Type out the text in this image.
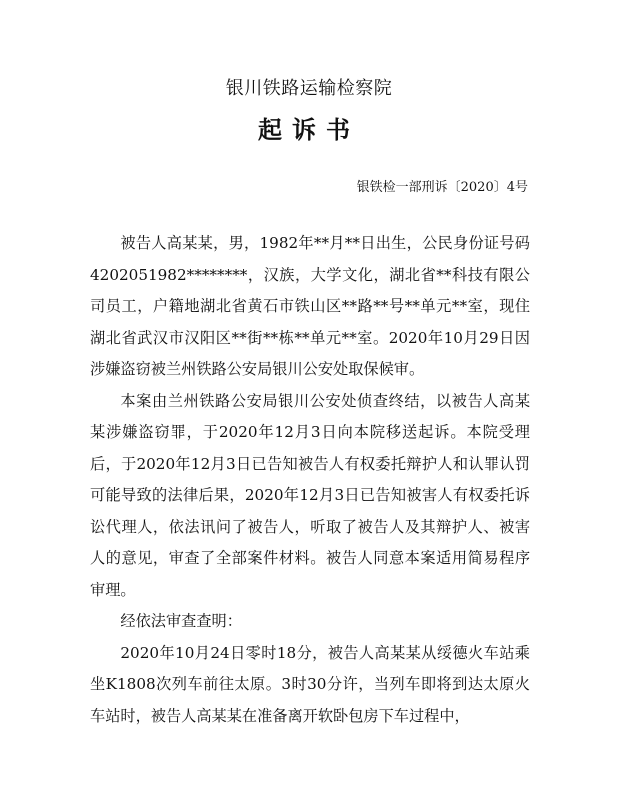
银川铁路运输检察院
起诉书
银铁检一部刑诉〔2020〕4号

被告人高某某，男，1982年**月**日出生，公民身份证号码4202051982********，汉族，大学文化，湖北省**科技有限公司员工，户籍地湖北省黄石市铁山区**路**号**单元**室，现住湖北省武汉市汉阳区**街**栋**单元**室。2020年10月29日因涉嫌盗窃被兰州铁路公安局银川公安处取保候审。

本案由兰州铁路公安局银川公安处侦查终结，以被告人高某某涉嫌盗窃罪，于2020年12月3日向本院移送起诉。本院受理后，于2020年12月3日已告知被告人有权委托辩护人和认罪认罚可能导致的法律后果，2020年12月3日已告知被害人有权委托诉讼代理人，依法讯问了被告人，听取了被告人及其辩护人、被害人的意见，审查了全部案件材料。被告人同意本案适用简易程序审理。

经依法审查查明：

2020年10月24日零时18分，被告人高某某从绥德火车站乘坐K1808次列车前往太原。3时30分许，当列车即将到达太原火车站时，被告人高某某在准备离开软卧包房下车过程中，
